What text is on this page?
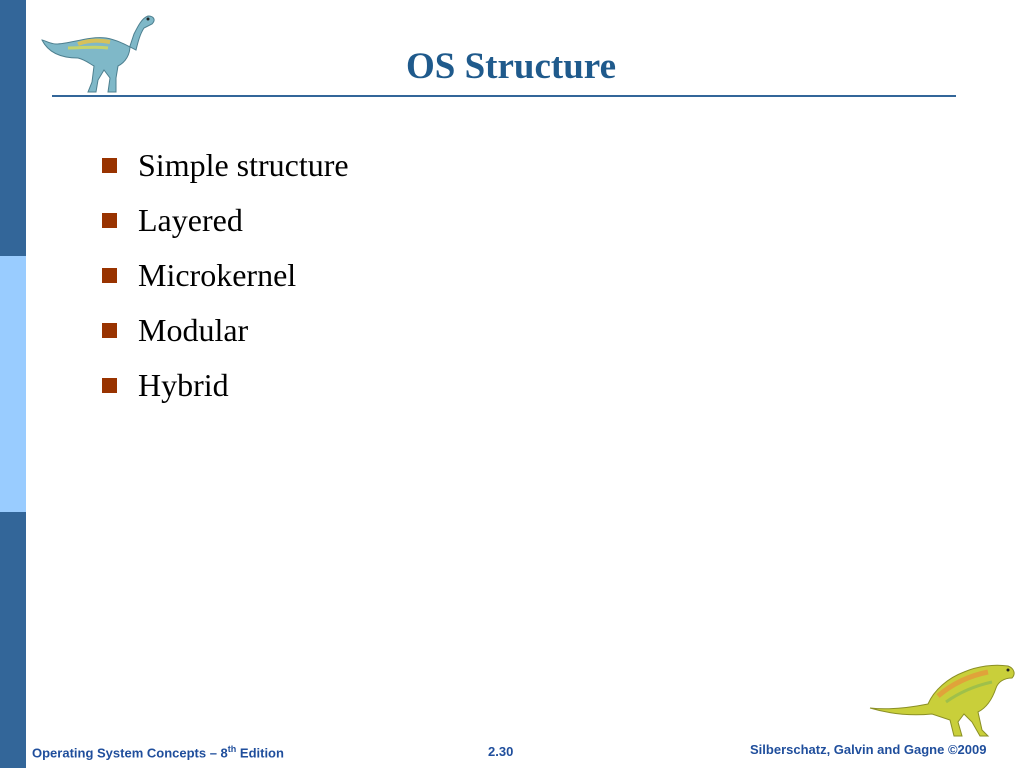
OS Structure
Simple structure
Layered
Microkernel
Modular
Hybrid
Operating System Concepts – 8th Edition	2.30	Silberschatz, Galvin and Gagne ©2009
